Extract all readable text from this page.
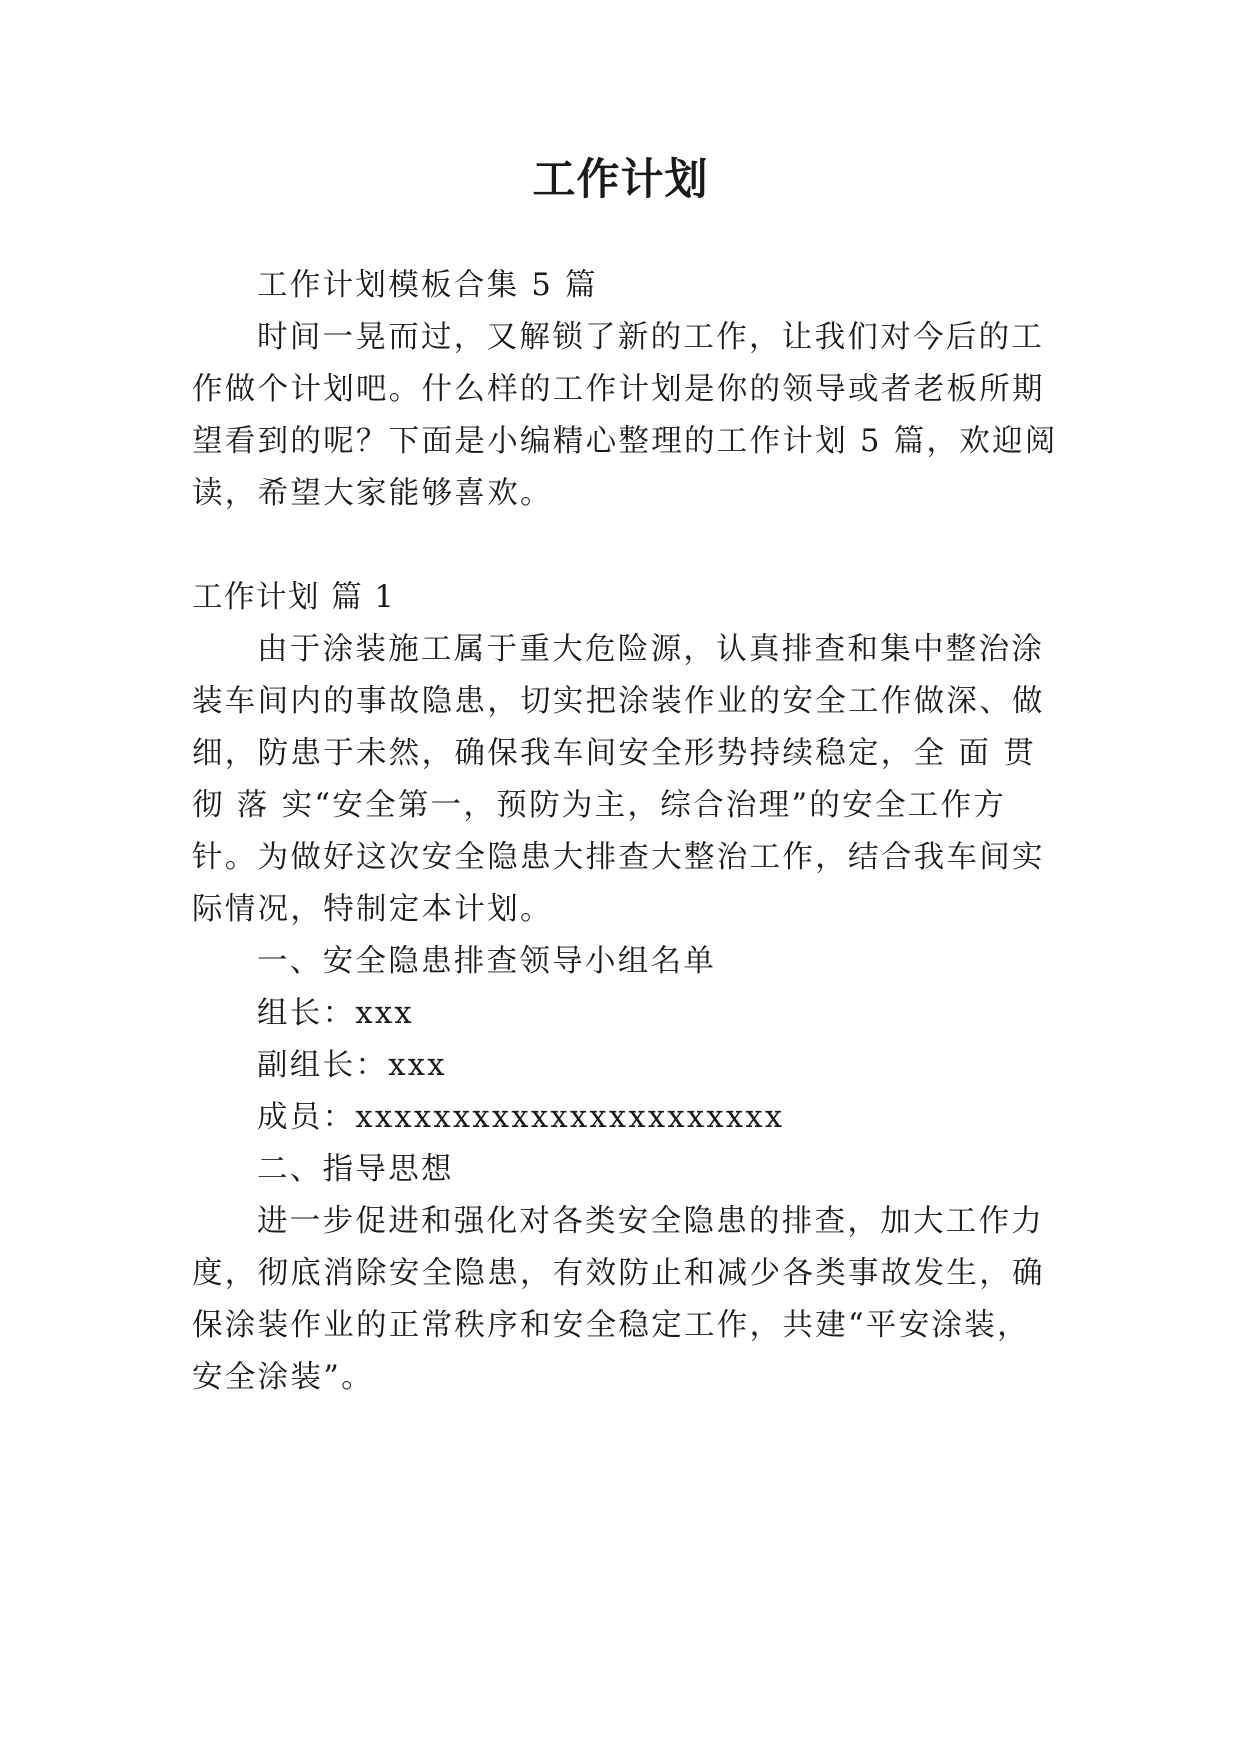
工作计划

工作计划模板合集 5 篇

时间一晃而过，又解锁了新的工作，让我们对今后的工

作做个计划吧。什么样的工作计划是你的领导或者老板所期

望看到的呢？下面是小编精心整理的工作计划 5 篇，欢迎阅

读，希望大家能够喜欢。

工作计划 篇 1

由于涂装施工属于重大危险源，认真排查和集中整治涂

装车间内的事故隐患，切实把涂装作业的安全工作做深、做

细，防患于未然，确保我车间安全形势持续稳定，全 面 贯

彻 落 实“安全第一，预防为主，综合治理”的安全工作方

针。为做好这次安全隐患大排查大整治工作，结合我车间实

际情况，特制定本计划。

一、安全隐患排查领导小组名单

组长：xxx

副组长：xxx

成员：xxxxxxxxxxxxxxxxxxxxxx

二、指导思想

进一步促进和强化对各类安全隐患的排查，加大工作力

度，彻底消除安全隐患，有效防止和减少各类事故发生，确

保涂装作业的正常秩序和安全稳定工作，共建“平安涂装，

安全涂装”。
